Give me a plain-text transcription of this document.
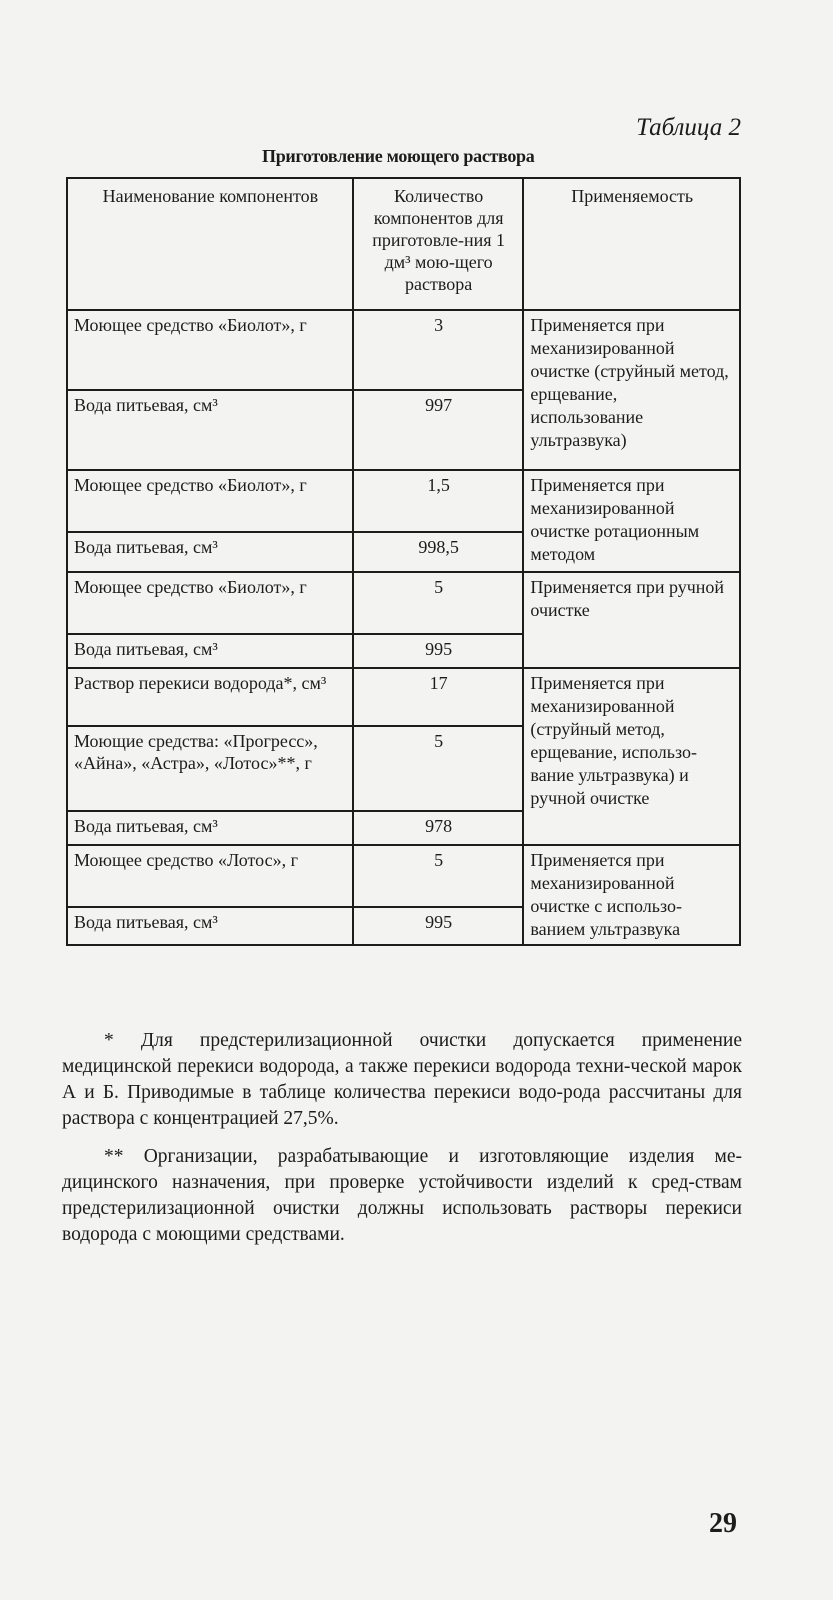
Таблица 2
Приготовление моющего раствора
Наименование компонентов	Количество компонентов для приготовле-ния 1 дм³ мою-щего раствора	Применяемость
Моющее средство «Биолот», г	3	Применяется при механизированной очистке (струйный метод, ерщевание, использование ультразвука)
Вода питьевая, см³	997	
Моющее средство «Биолот», г	1,5	Применяется при механизированной очистке ротационным методом
Вода питьевая, см³	998,5	
Моющее средство «Биолот», г	5	Применяется при ручной очистке
Вода питьевая, см³	995	
Раствор перекиси водорода*, см³	17	Применяется при механизированной (струйный метод, ерщевание, использо-вание ультразвука) и ручной очистке
Моющие средства: «Прогресс», «Айна», «Астра», «Лотос»**, г	5	
Вода питьевая, см³	978	
Моющее средство «Лотос», г	5	Применяется при механизированной очистке с использо-ванием ультразвука
Вода питьевая, см³	995	

* Для предстерилизационной очистки допускается применение медицинской перекиси водорода, а также перекиси водорода техни-ческой марок А и Б. Приводимые в таблице количества перекиси водо-рода рассчитаны для раствора с концентрацией 27,5%.

** Организации, разрабатывающие и изготовляющие изделия ме-дицинского назначения, при проверке устойчивости изделий к сред-ствам предстерилизационной очистки должны использовать растворы перекиси водорода с моющими средствами.

29
